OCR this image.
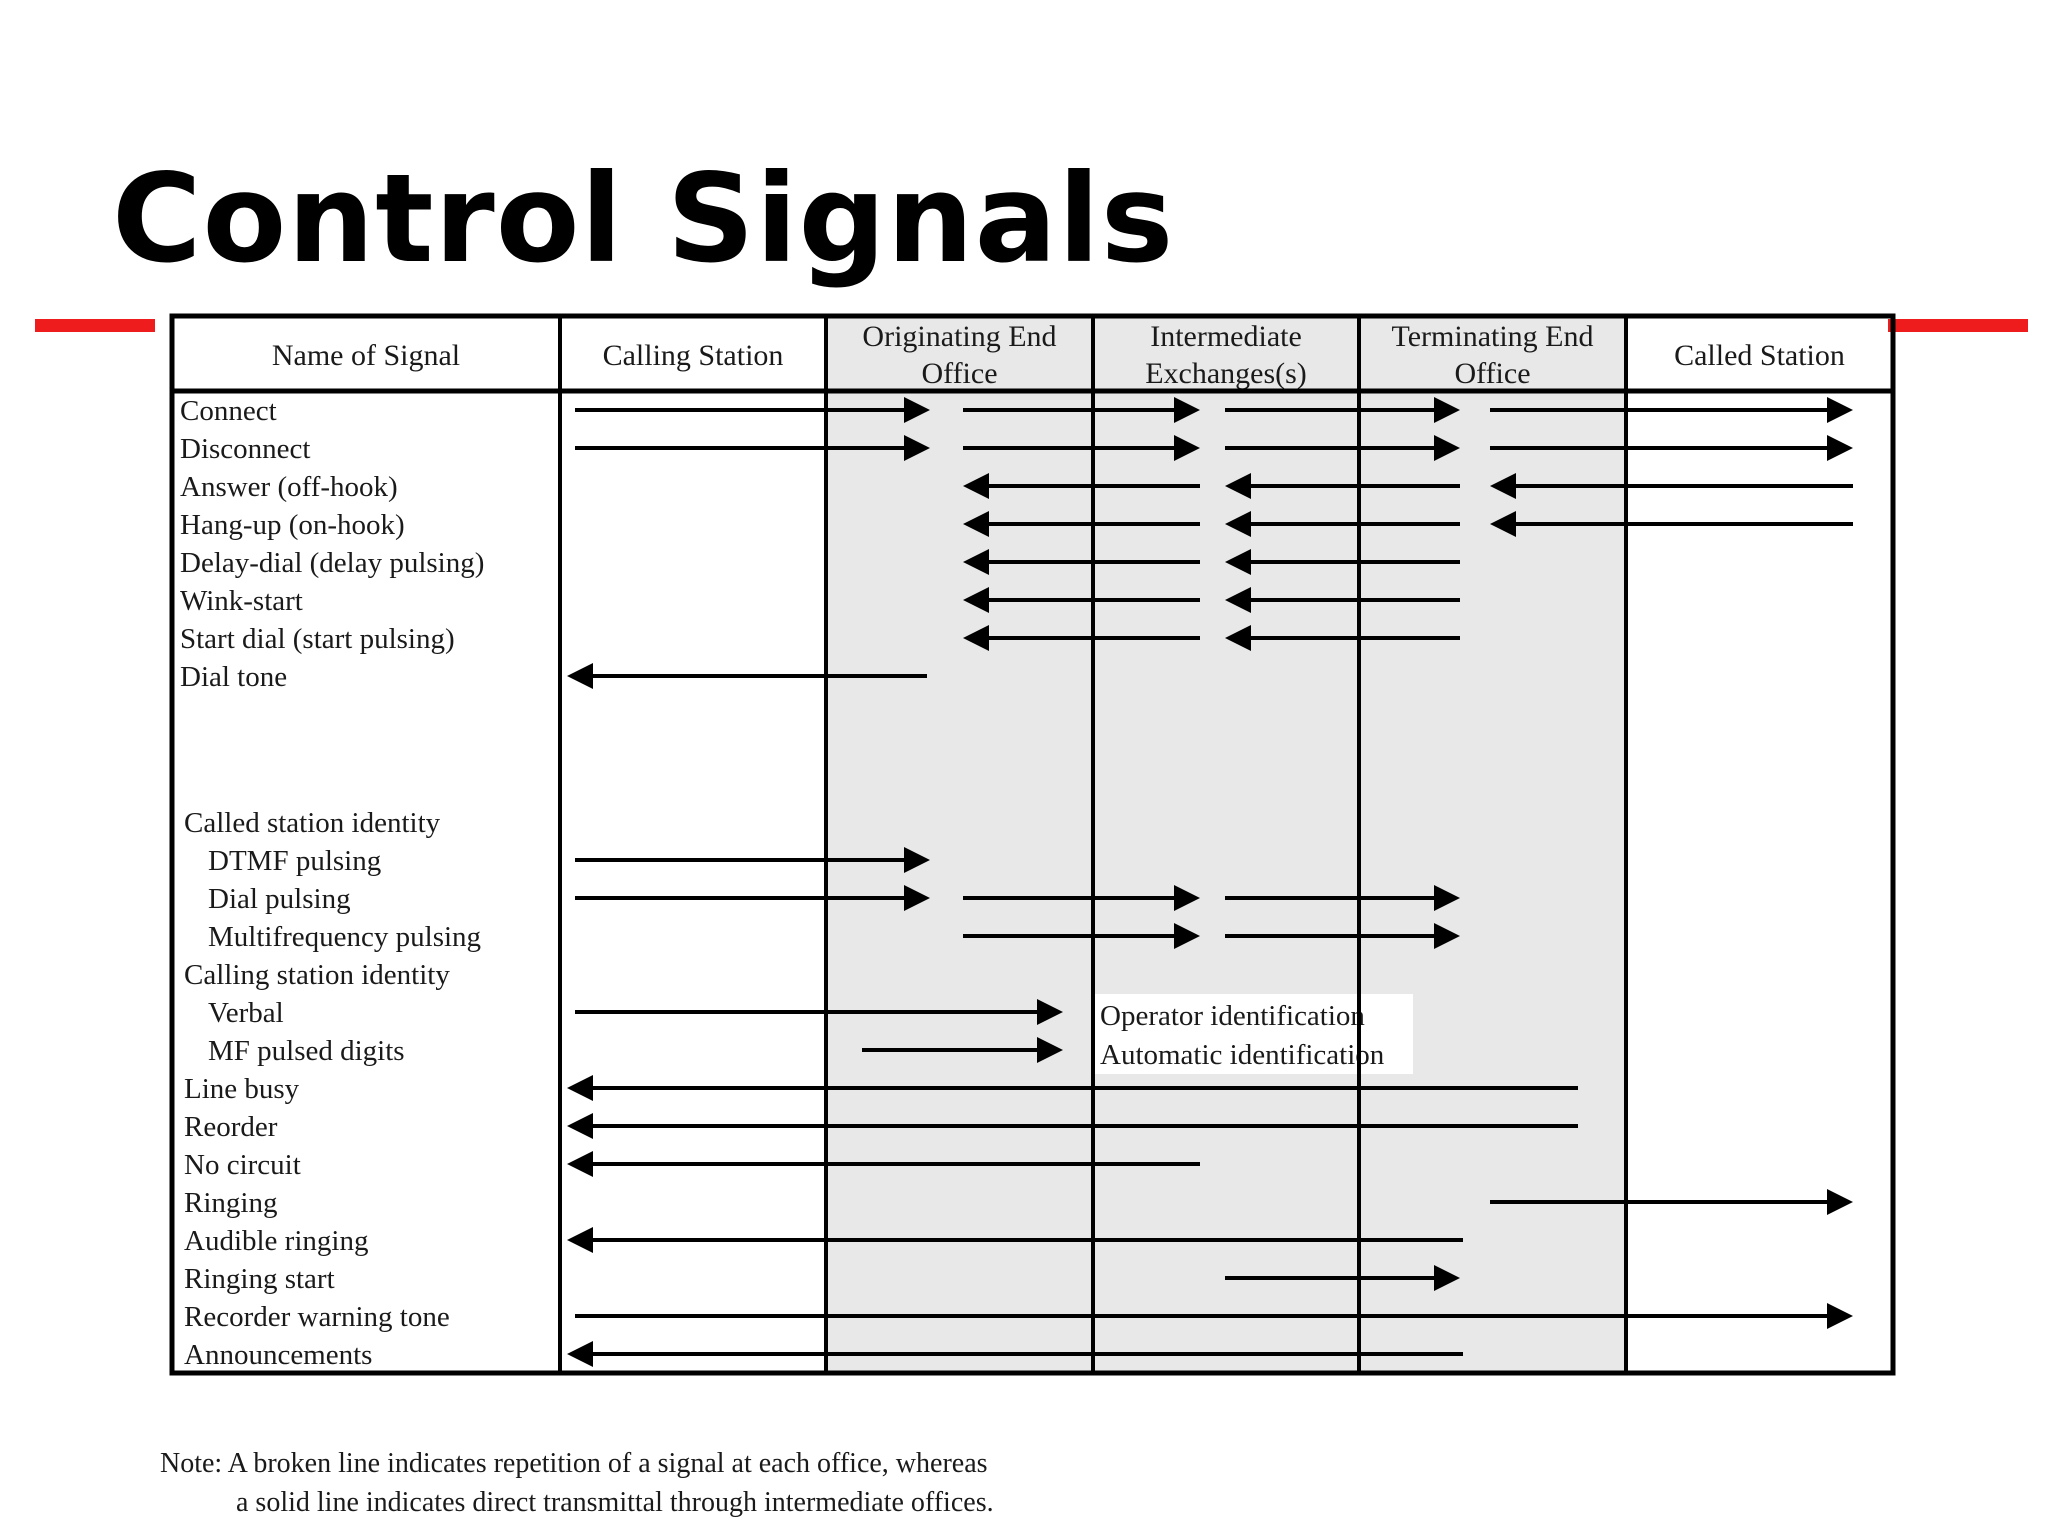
Control Signals
Name of Signal	Calling Station
Originating End Office
Intermediate Exchanges(s)
Terminating End Office
Called Station
Connect
Disconnect
Answer (off-hook)
Hang-up (on-hook)
Delay-dial (delay pulsing)
Wink-start
Start dial (start pulsing)
Dial tone
Called station identity
DTMF pulsing
Dial pulsing
Multifrequency pulsing
Calling station identity
Verbal
MF pulsed digits
Line busy
Reorder
No circuit
Ringing
Audible ringing
Ringing start
Recorder warning tone
Announcements
Operator identification
Automatic identification

Note: A broken line indicates repetition of a signal at each office, whereas
a solid line indicates direct transmittal through intermediate offices.
